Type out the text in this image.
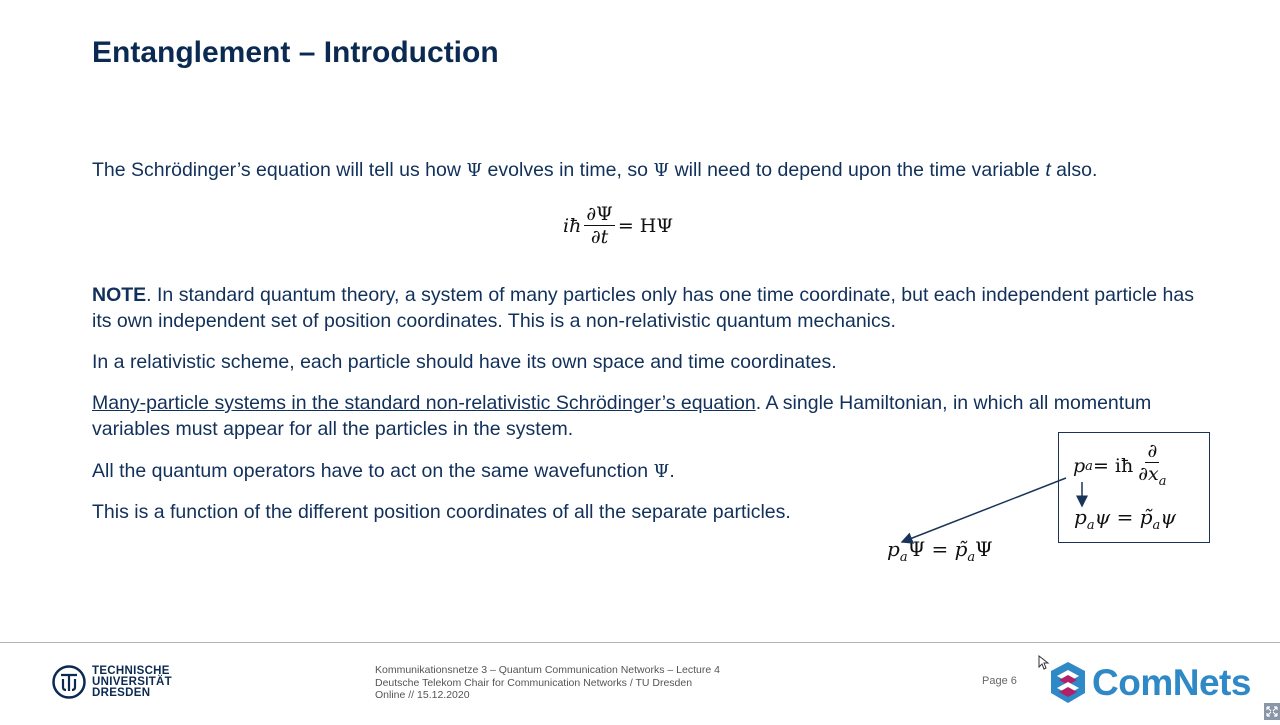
Entanglement – Introduction

The Schrödinger’s equation will tell us how Ψ evolves in time, so Ψ will need to depend upon the time variable t also.

iħ $\frac{\partial\Psi}{\partial t} = H\Psi$

NOTE. In standard quantum theory, a system of many particles only has one time coordinate, but each independent particle has its own independent set of position coordinates. This is a non-relativistic quantum mechanics.

In a relativistic scheme, each particle should have its own space and time coordinates.

Many-particle systems in the standard non-relativistic Schrödinger’s equation. A single Hamiltonian, in which all momentum variables must appear for all the particles in the system.

All the quantum operators have to act on the same wavefunction Ψ.

This is a function of the different position coordinates of all the separate particles.

p a = iħ $\frac{\partial}{\partial x_a}$
$p_a\psi$ = $p̃_a\psi$
$p_a\Psi$ = $p̃_a\Psi$
TECHNISCHE
UNIVERSITÄT
DRESDEN
Kommunikationsnetze 3 – Quantum Communication Networks – Lecture 4
Deutsche Telekom Chair for Communication Networks / TU Dresden
Online // 15.12.2020
Page 6 ComNets
